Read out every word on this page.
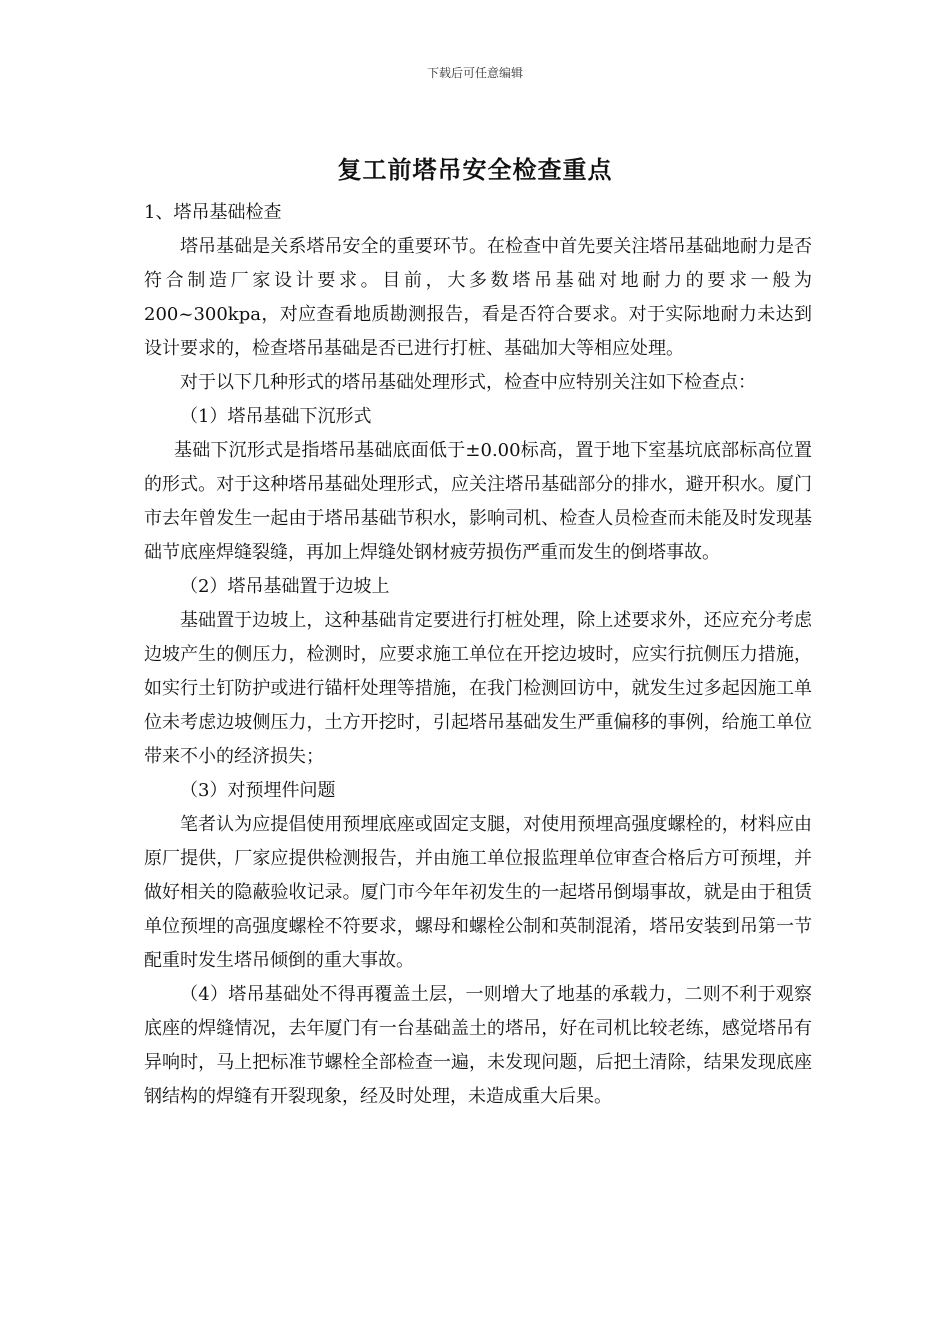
下载后可任意编辑
复工前塔吊安全检查重点

1、塔吊基础检查

塔吊基础是关系塔吊安全的重要环节。在检查中首先要关注塔吊基础地耐力是否符合制造厂家设计要求。目前，大多数塔吊基础对地耐力的要求一般为200~300kpa，对应查看地质勘测报告，看是否符合要求。对于实际地耐力未达到设计要求的，检查塔吊基础是否已进行打桩、基础加大等相应处理。

对于以下几种形式的塔吊基础处理形式，检查中应特别关注如下检查点：

（1）塔吊基础下沉形式

基础下沉形式是指塔吊基础底面低于±0.00标高，置于地下室基坑底部标高位置的形式。对于这种塔吊基础处理形式，应关注塔吊基础部分的排水，避开积水。厦门市去年曾发生一起由于塔吊基础节积水，影响司机、检查人员检查而未能及时发现基础节底座焊缝裂缝，再加上焊缝处钢材疲劳损伤严重而发生的倒塔事故。

（2）塔吊基础置于边坡上

基础置于边坡上，这种基础肯定要进行打桩处理，除上述要求外，还应充分考虑边坡产生的侧压力，检测时，应要求施工单位在开挖边坡时，应实行抗侧压力措施，如实行土钉防护或进行锚杆处理等措施，在我门检测回访中，就发生过多起因施工单位未考虑边坡侧压力，土方开挖时，引起塔吊基础发生严重偏移的事例，给施工单位带来不小的经济损失；

（3）对预埋件问题

笔者认为应提倡使用预埋底座或固定支腿，对使用预埋高强度螺栓的，材料应由原厂提供，厂家应提供检测报告，并由施工单位报监理单位审查合格后方可预埋，并做好相关的隐蔽验收记录。厦门市今年年初发生的一起塔吊倒塌事故，就是由于租赁单位预埋的高强度螺栓不符要求，螺母和螺栓公制和英制混淆，塔吊安装到吊第一节配重时发生塔吊倾倒的重大事故。

（4）塔吊基础处不得再覆盖土层，一则增大了地基的承载力，二则不利于观察底座的焊缝情况，去年厦门有一台基础盖土的塔吊，好在司机比较老练，感觉塔吊有异响时，马上把标准节螺栓全部检查一遍，未发现问题，后把土清除，结果发现底座钢结构的焊缝有开裂现象，经及时处理，未造成重大后果。
